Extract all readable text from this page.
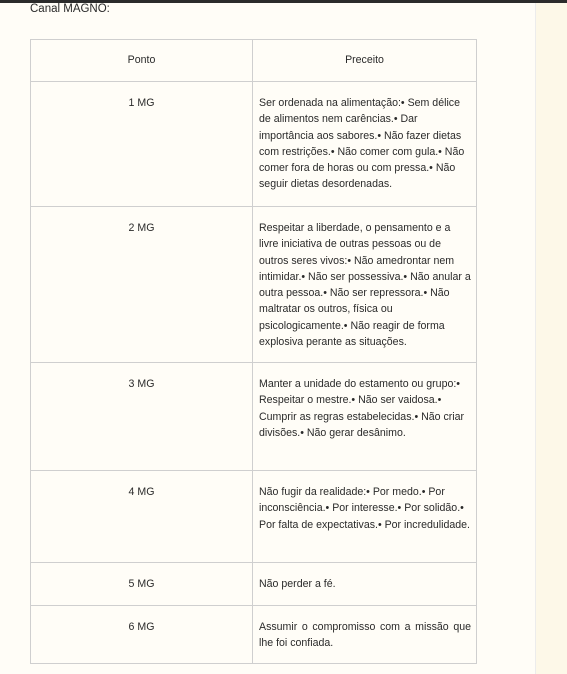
Canal MAGNO:
Ponto	Preceito
1 MG	Ser ordenada na alimentação:• Sem délice de alimentos nem carências.• Dar importância aos sabores.• Não fazer dietas com restrições.• Não comer com gula.• Não comer fora de horas ou com pressa.• Não seguir dietas desordenadas.
2 MG	Respeitar a liberdade, o pensamento e a livre iniciativa de outras pessoas ou de outros seres vivos:• Não amedrontar nem intimidar.• Não ser possessiva.• Não anular a outra pessoa.• Não ser repressora.• Não maltratar os outros, física ou psicologicamente.• Não reagir de forma explosiva perante as situações.
3 MG	Manter a unidade do estamento ou grupo:• Respeitar o mestre.• Não ser vaidosa.• Cumprir as regras estabelecidas.• Não criar divisões.• Não gerar desânimo.
4 MG	Não fugir da realidade:• Por medo.• Por inconsciência.• Por interesse.• Por solidão.• Por falta de expectativas.• Por incredulidade.
5 MG	Não perder a fé.
6 MG	Assumir o compromisso com a missão que lhe foi confiada.
